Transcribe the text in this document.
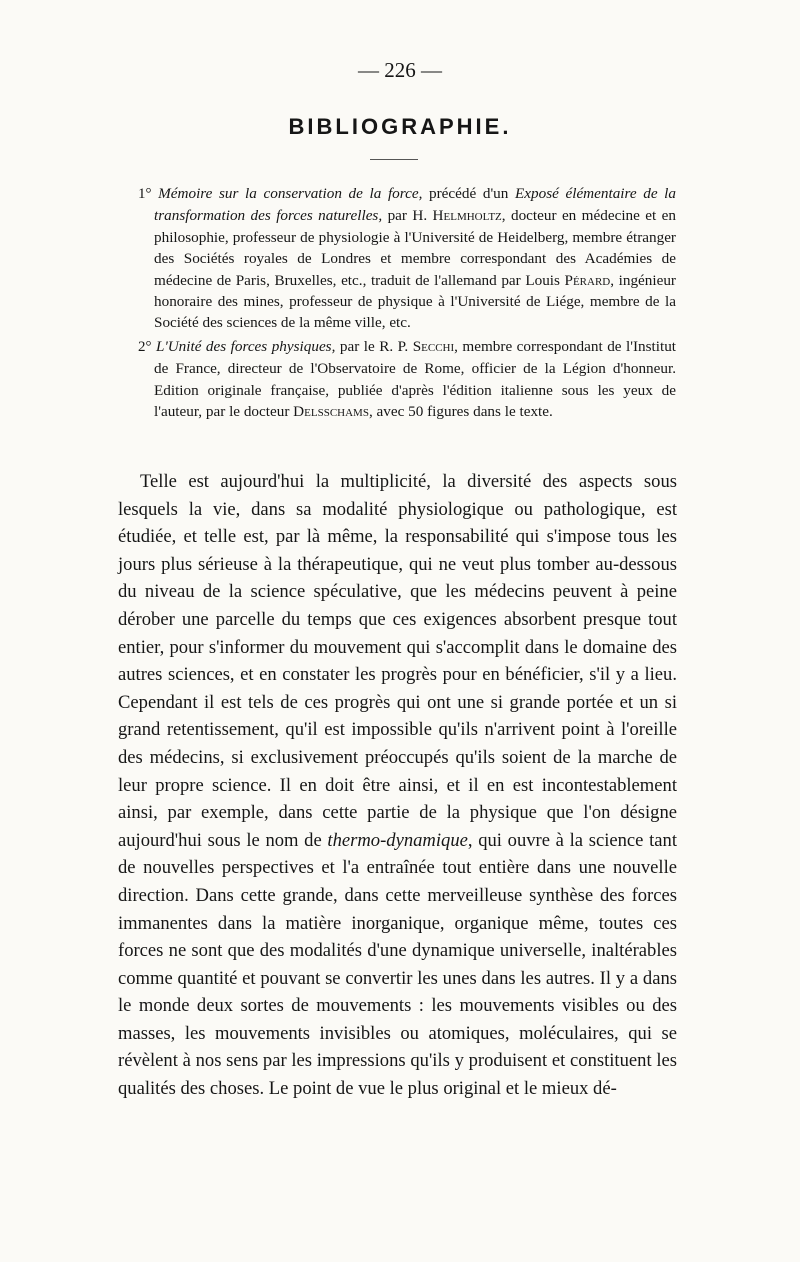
— 226 —
BIBLIOGRAPHIE.

1° Mémoire sur la conservation de la force, précédé d'un Exposé élémentaire de la transformation des forces naturelles, par H. Helmholtz, docteur en médecine et en philosophie, professeur de physiologie à l'Université de Heidelberg, membre étranger des Sociétés royales de Londres et membre correspondant des Académies de médecine de Paris, Bruxelles, etc., traduit de l'allemand par Louis Pérard, ingénieur honoraire des mines, professeur de physique à l'Université de Liége, membre de la Société des sciences de la même ville, etc.

2° L'Unité des forces physiques, par le R. P. Secchi, membre correspondant de l'Institut de France, directeur de l'Observatoire de Rome, officier de la Légion d'honneur. Edition originale française, publiée d'après l'édition italienne sous les yeux de l'auteur, par le docteur Delsschams, avec 50 figures dans le texte.

Telle est aujourd'hui la multiplicité, la diversité des aspects sous lesquels la vie, dans sa modalité physiologique ou pathologique, est étudiée, et telle est, par là même, la responsabilité qui s'impose tous les jours plus sérieuse à la thérapeutique, qui ne veut plus tomber au-dessous du niveau de la science spéculative, que les médecins peuvent à peine dérober une parcelle du temps que ces exigences absorbent presque tout entier, pour s'informer du mouvement qui s'accomplit dans le domaine des autres sciences, et en constater les progrès pour en bénéficier, s'il y a lieu. Cependant il est tels de ces progrès qui ont une si grande portée et un si grand retentissement, qu'il est impossible qu'ils n'arrivent point à l'oreille des médecins, si exclusivement préoccupés qu'ils soient de la marche de leur propre science. Il en doit être ainsi, et il en est incontestablement ainsi, par exemple, dans cette partie de la physique que l'on désigne aujourd'hui sous le nom de thermo-dynamique, qui ouvre à la science tant de nouvelles perspectives et l'a entraînée tout entière dans une nouvelle direction. Dans cette grande, dans cette merveilleuse synthèse des forces immanentes dans la matière inorganique, organique même, toutes ces forces ne sont que des modalités d'une dynamique universelle, inaltérables comme quantité et pouvant se convertir les unes dans les autres. Il y a dans le monde deux sortes de mouvements : les mouvements visibles ou des masses, les mouvements invisibles ou atomiques, moléculaires, qui se révèlent à nos sens par les impressions qu'ils y produisent et constituent les qualités des choses. Le point de vue le plus original et le mieux dé-
